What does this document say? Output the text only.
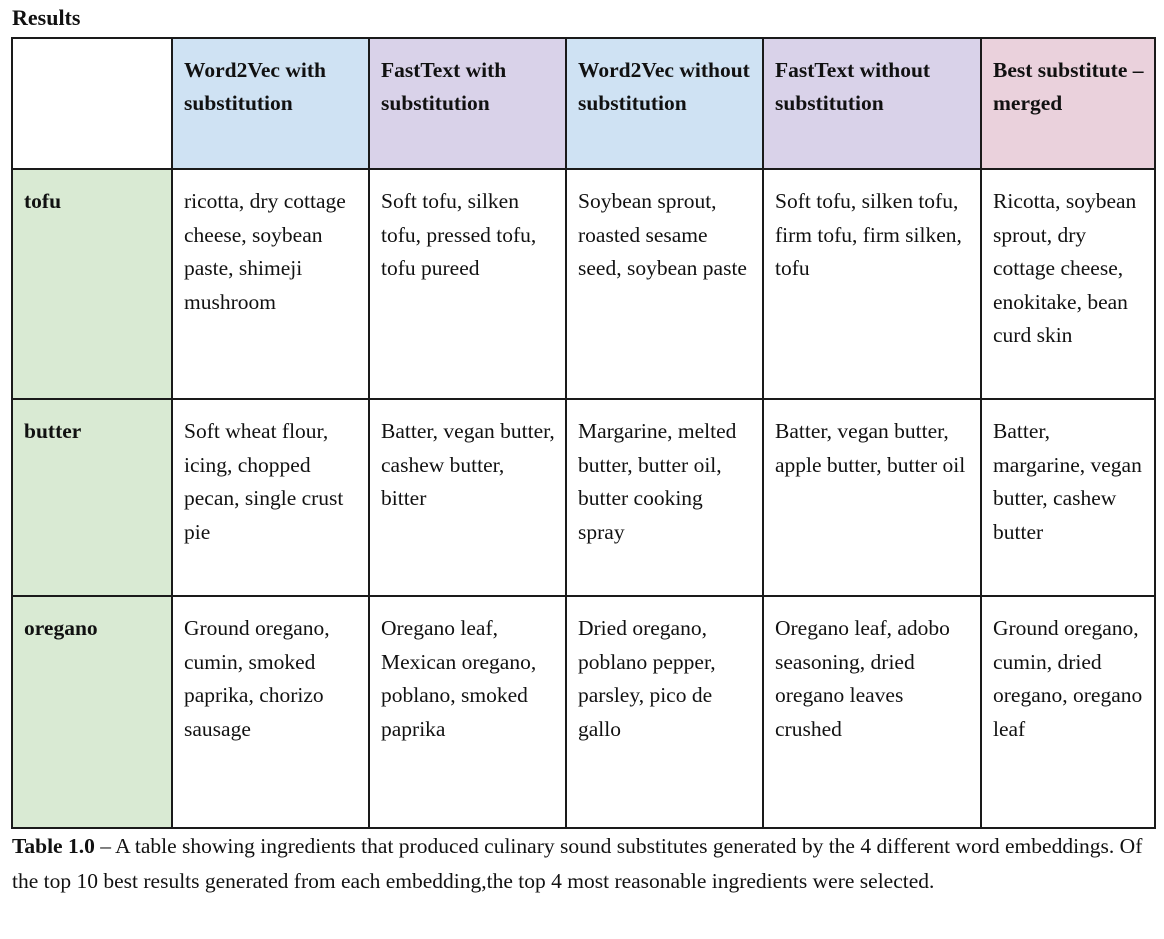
Results
	Word2Vec with substitution	FastText with substitution	Word2Vec without substitution	FastText without substitution	Best substitute – merged
tofu	ricotta, dry cottage cheese, soybean paste, shimeji mushroom	Soft tofu, silken tofu, pressed tofu, tofu pureed	Soybean sprout, roasted sesame seed, soybean paste	Soft tofu, silken tofu, firm tofu, firm silken, tofu	Ricotta, soybean sprout, dry cottage cheese, enokitake, bean curd skin
butter	Soft wheat flour, icing, chopped pecan, single crust pie	Batter, vegan butter, cashew butter, bitter	Margarine, melted butter, butter oil, butter cooking spray	Batter, vegan butter, apple butter, butter oil	Batter, margarine, vegan butter, cashew butter
oregano	Ground oregano, cumin, smoked paprika, chorizo sausage	Oregano leaf, Mexican oregano, poblano, smoked paprika	Dried oregano, poblano pepper, parsley, pico de gallo	Oregano leaf, adobo seasoning, dried oregano leaves crushed	Ground oregano, cumin, dried oregano, oregano leaf

Table 1.0 – A table showing ingredients that produced culinary sound substitutes generated by the 4 different word embeddings. Of the top 10 best results generated from each embedding,the top 4 most reasonable ingredients were selected.
